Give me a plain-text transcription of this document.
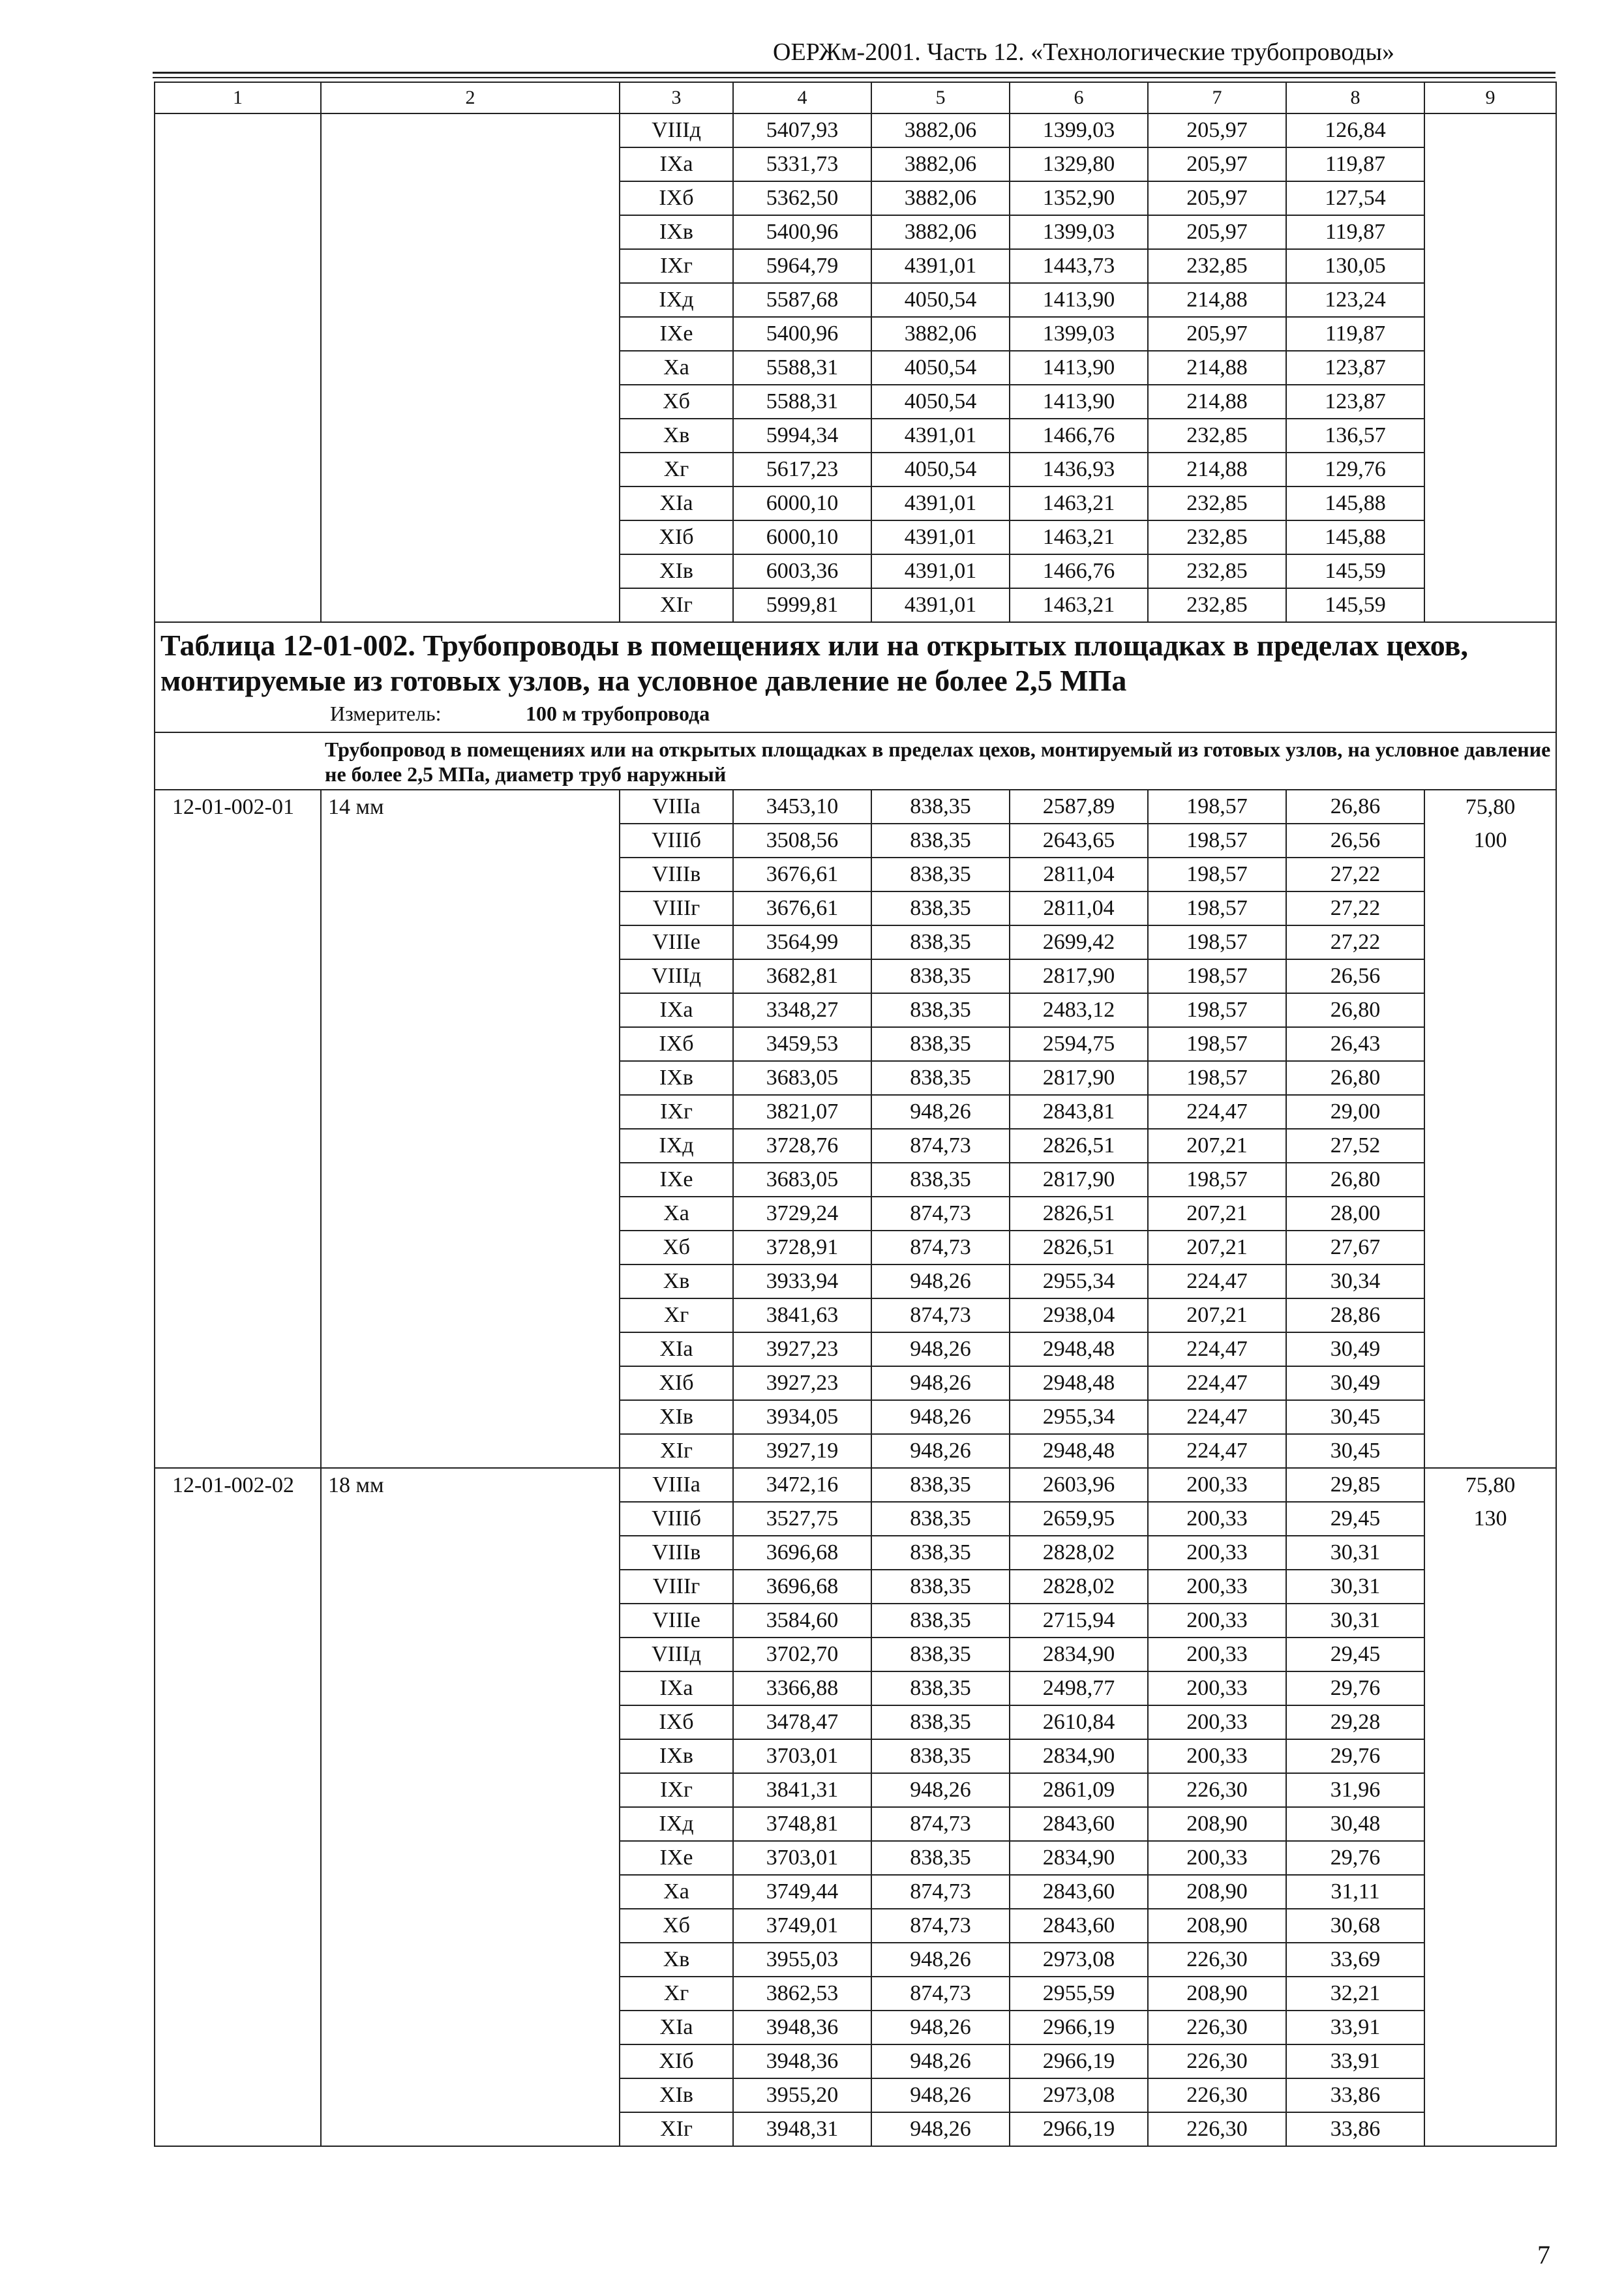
ОЕРЖм-2001. Часть 12. «Технологические трубопроводы»
1	2	3	4	5	6	7	8	9
		VIIIд	5407,93	3882,06	1399,03	205,97	126,84	
		IXа	5331,73	3882,06	1329,80	205,97	119,87	
		IXб	5362,50	3882,06	1352,90	205,97	127,54	
		IXв	5400,96	3882,06	1399,03	205,97	119,87	
		IXг	5964,79	4391,01	1443,73	232,85	130,05	
		IXд	5587,68	4050,54	1413,90	214,88	123,24	
		IXе	5400,96	3882,06	1399,03	205,97	119,87	
		Xа	5588,31	4050,54	1413,90	214,88	123,87	
		Xб	5588,31	4050,54	1413,90	214,88	123,87	
		Xв	5994,34	4391,01	1466,76	232,85	136,57	
		Xг	5617,23	4050,54	1436,93	214,88	129,76	
		XIа	6000,10	4391,01	1463,21	232,85	145,88	
		XIб	6000,10	4391,01	1463,21	232,85	145,88	
		XIв	6003,36	4391,01	1466,76	232,85	145,59	
		XIг	5999,81	4391,01	1463,21	232,85	145,59	

Таблица 12-01-002. Трубопроводы в помещениях или на открытых площадках в пределах цехов, монтируемые из готовых узлов, на условное давление не более 2,5 МПа
Измеритель: 100 м трубопровода								

	Трубопровод в помещениях или на открытых площадках в пределах цехов, монтируемый из готовых узлов, на условное давление не более 2,5 МПа, диаметр труб наружный							
12-01-002-01	14 мм	VIIIа	3453,10	838,35	2587,89	198,57	26,86	75,80
		VIIIб	3508,56	838,35	2643,65	198,57	26,56	100
		VIIIв	3676,61	838,35	2811,04	198,57	27,22	
		VIIIг	3676,61	838,35	2811,04	198,57	27,22	
		VIIIе	3564,99	838,35	2699,42	198,57	27,22	
		VIIIд	3682,81	838,35	2817,90	198,57	26,56	
		IXа	3348,27	838,35	2483,12	198,57	26,80	
		IXб	3459,53	838,35	2594,75	198,57	26,43	
		IXв	3683,05	838,35	2817,90	198,57	26,80	
		IXг	3821,07	948,26	2843,81	224,47	29,00	
		IXд	3728,76	874,73	2826,51	207,21	27,52	
		IXе	3683,05	838,35	2817,90	198,57	26,80	
		Xа	3729,24	874,73	2826,51	207,21	28,00	
		Xб	3728,91	874,73	2826,51	207,21	27,67	
		Xв	3933,94	948,26	2955,34	224,47	30,34	
		Xг	3841,63	874,73	2938,04	207,21	28,86	
		XIа	3927,23	948,26	2948,48	224,47	30,49	
		XIб	3927,23	948,26	2948,48	224,47	30,49	
		XIв	3934,05	948,26	2955,34	224,47	30,45	
		XIг	3927,19	948,26	2948,48	224,47	30,45	
12-01-002-02	18 мм	VIIIа	3472,16	838,35	2603,96	200,33	29,85	75,80
		VIIIб	3527,75	838,35	2659,95	200,33	29,45	130
		VIIIв	3696,68	838,35	2828,02	200,33	30,31	
		VIIIг	3696,68	838,35	2828,02	200,33	30,31	
		VIIIе	3584,60	838,35	2715,94	200,33	30,31	
		VIIIд	3702,70	838,35	2834,90	200,33	29,45	
		IXа	3366,88	838,35	2498,77	200,33	29,76	
		IXб	3478,47	838,35	2610,84	200,33	29,28	
		IXв	3703,01	838,35	2834,90	200,33	29,76	
		IXг	3841,31	948,26	2861,09	226,30	31,96	
		IXд	3748,81	874,73	2843,60	208,90	30,48	
		IXе	3703,01	838,35	2834,90	200,33	29,76	
		Xа	3749,44	874,73	2843,60	208,90	31,11	
		Xб	3749,01	874,73	2843,60	208,90	30,68	
		Xв	3955,03	948,26	2973,08	226,30	33,69	
		Xг	3862,53	874,73	2955,59	208,90	32,21	
		XIа	3948,36	948,26	2966,19	226,30	33,91	
		XIб	3948,36	948,26	2966,19	226,30	33,91	
		XIв	3955,20	948,26	2973,08	226,30	33,86	
		XIг	3948,31	948,26	2966,19	226,30	33,86	
7
